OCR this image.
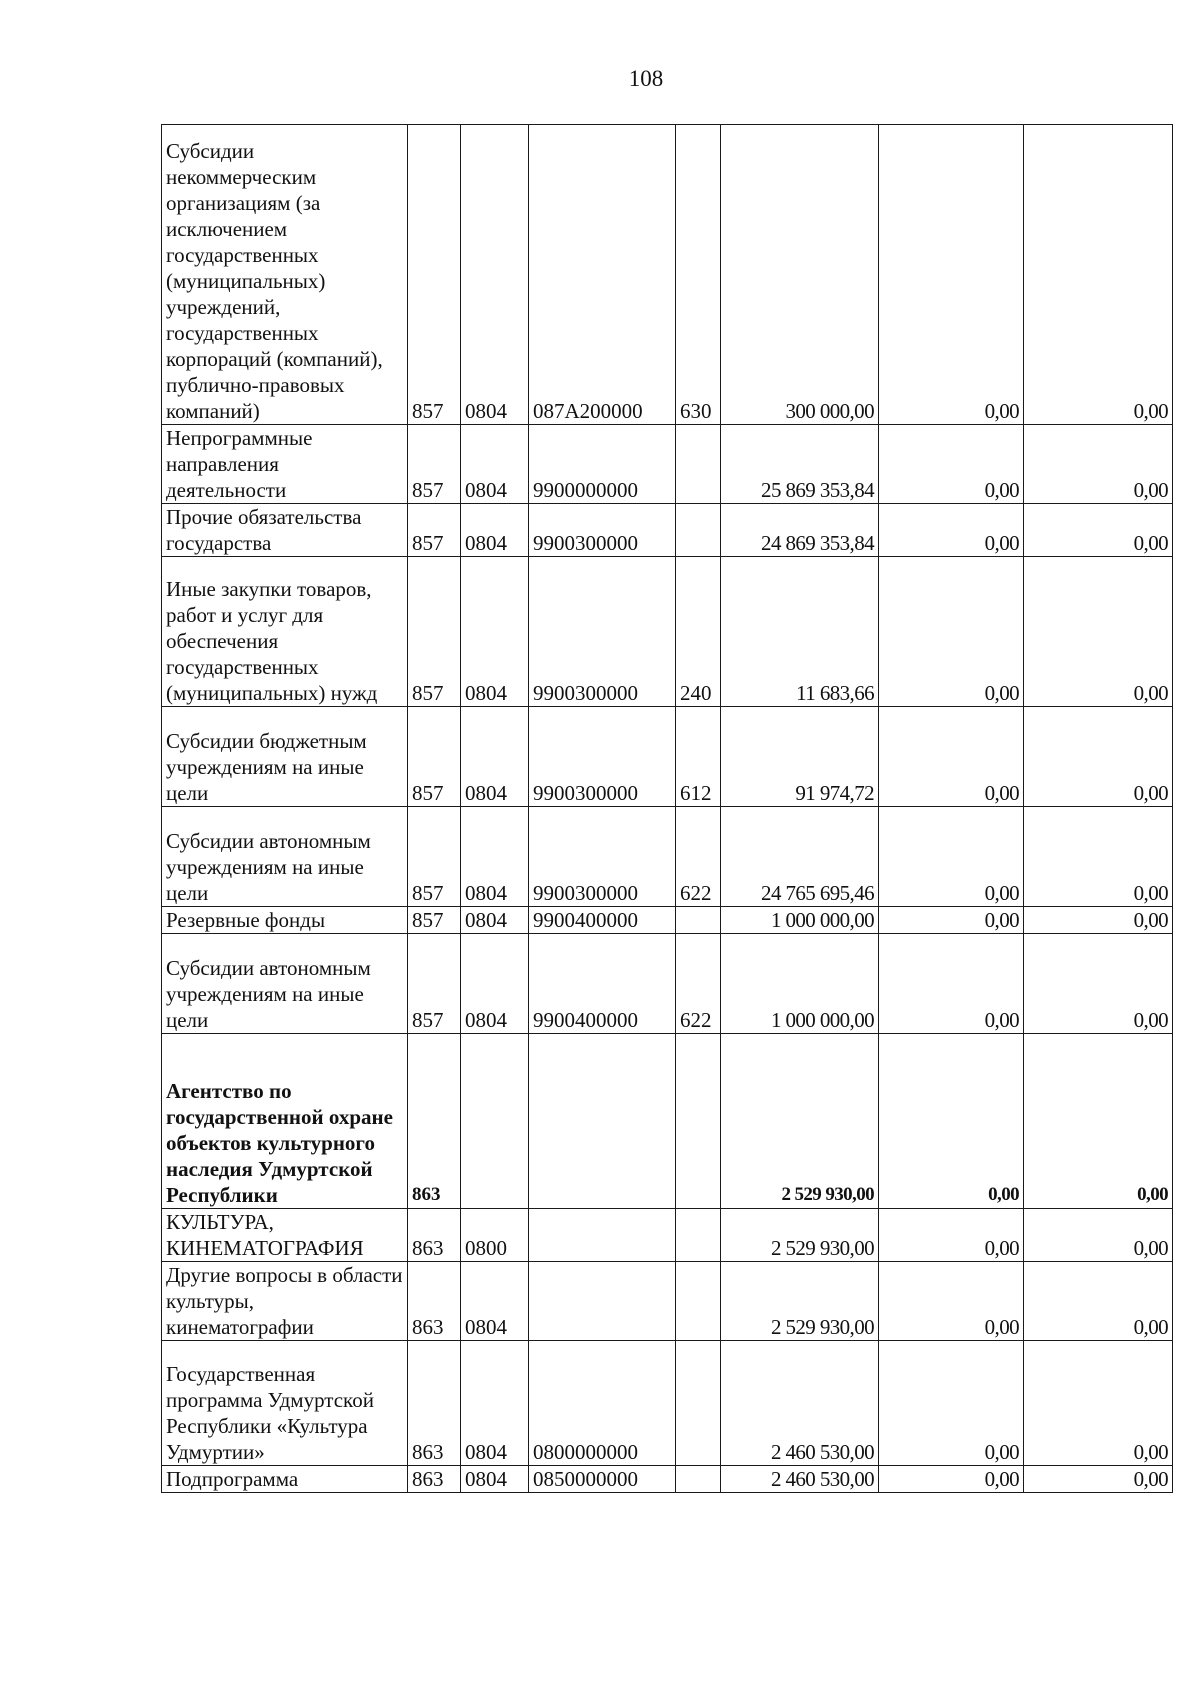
108
Субсидии некоммерческим организациям (за исключением государственных (муниципальных) учреждений, государственных корпораций (компаний), публично-правовых компаний)	857	0804	087А200000	630	300 000,00	0,00	0,00
Непрограммные направления деятельности	857	0804	9900000000		25 869 353,84	0,00	0,00
Прочие обязательства государства	857	0804	9900300000		24 869 353,84	0,00	0,00
Иные закупки товаров, работ и услуг для обеспечения государственных (муниципальных) нужд	857	0804	9900300000	240	11 683,66	0,00	0,00
Субсидии бюджетным учреждениям на иные цели	857	0804	9900300000	612	91 974,72	0,00	0,00
Субсидии автономным учреждениям на иные цели	857	0804	9900300000	622	24 765 695,46	0,00	0,00
Резервные фонды	857	0804	9900400000		1 000 000,00	0,00	0,00
Субсидии автономным учреждениям на иные цели	857	0804	9900400000	622	1 000 000,00	0,00	0,00
Агентство по государственной охране объектов культурного наследия Удмуртской Республики	863				2 529 930,00	0,00	0,00
КУЛЬТУРА, КИНЕМАТОГРАФИЯ	863	0800			2 529 930,00	0,00	0,00
Другие вопросы в области культуры, кинематографии	863	0804			2 529 930,00	0,00	0,00
Государственная программа Удмуртской Республики «Культура Удмуртии»	863	0804	0800000000		2 460 530,00	0,00	0,00
Подпрограмма	863	0804	0850000000		2 460 530,00	0,00	0,00
